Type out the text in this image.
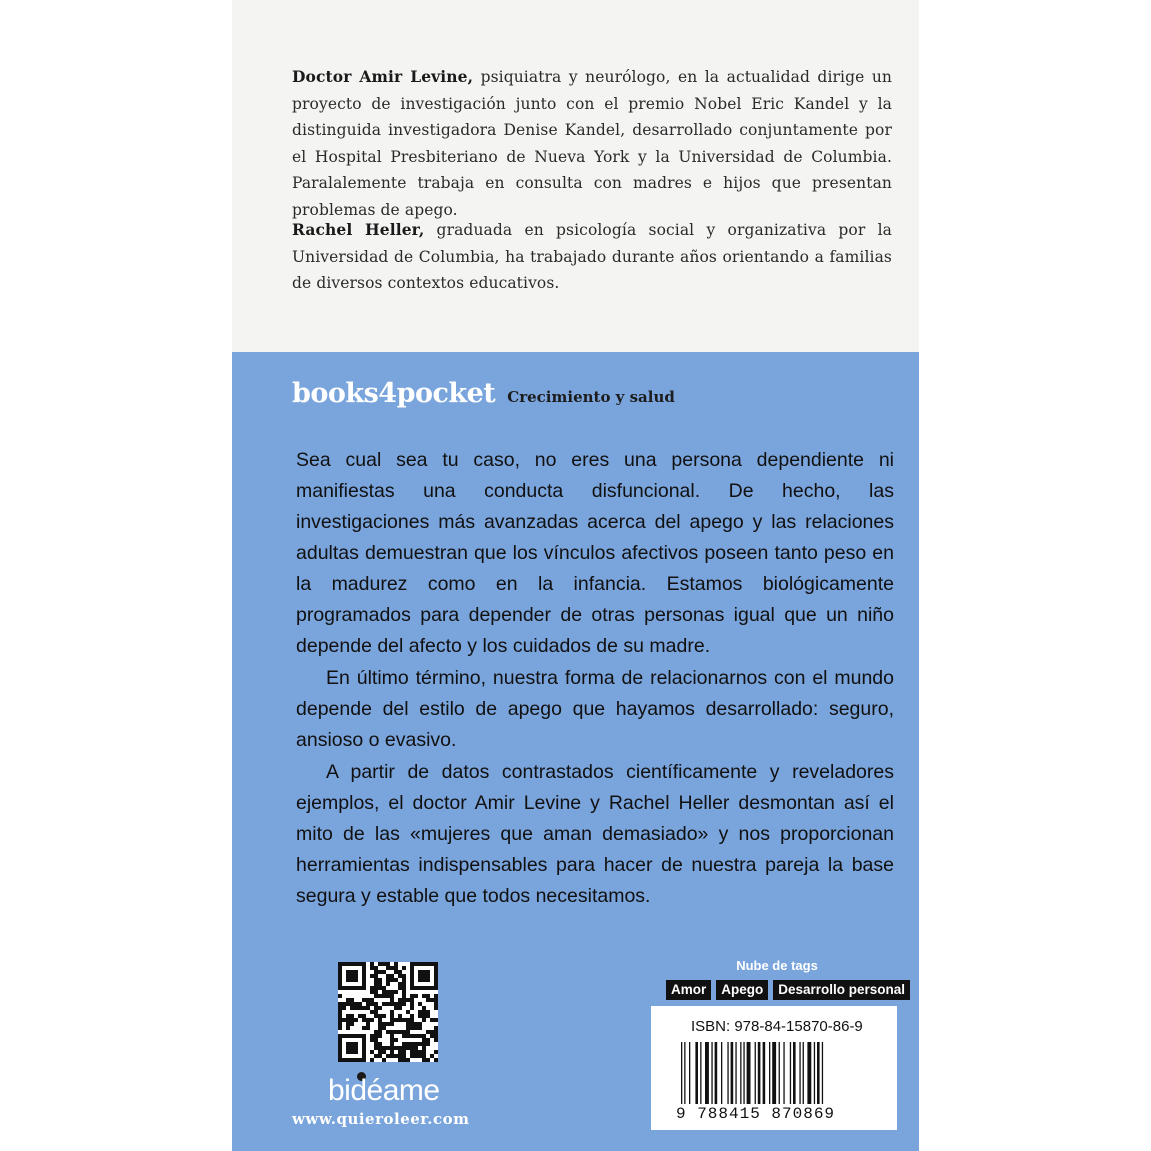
Doctor Amir Levine, psiquiatra y neurólogo, en la actualidad dirige un proyecto de investigación junto con el premio Nobel Eric Kandel y la distinguida investigadora Denise Kandel, desarrollado conjuntamente por el Hospital Presbiteriano de Nueva York y la Universidad de Columbia. Paralalemente trabaja en consulta con madres e hijos que presentan problemas de apego.

Rachel Heller, graduada en psicología social y organizativa por la Universidad de Columbia, ha trabajado durante años orientando a familias de diversos contextos educativos.

books4pocket Crecimiento y salud

Sea cual sea tu caso, no eres una persona dependiente ni manifiestas una conducta disfuncional. De hecho, las investigaciones más avanzadas acerca del apego y las relaciones adultas demuestran que los vínculos afectivos poseen tanto peso en la madurez como en la infancia. Estamos biológicamente programados para depender de otras personas igual que un niño depende del afecto y los cuidados de su madre.

En último término, nuestra forma de relacionarnos con el mundo depende del estilo de apego que hayamos desarrollado: seguro, ansioso o evasivo.

A partir de datos contrastados científicamente y reveladores ejemplos, el doctor Amir Levine y Rachel Heller desmontan así el mito de las «mujeres que aman demasiado» y nos proporcionan herramientas indispensables para hacer de nuestra pareja la base segura y estable que todos necesitamos.

bidéame
www.quieroleer.com
Nube de tags
Amor	Apego	Desarrollo personal
ISBN: 978-84-15870-86-9
9 788415 870869
